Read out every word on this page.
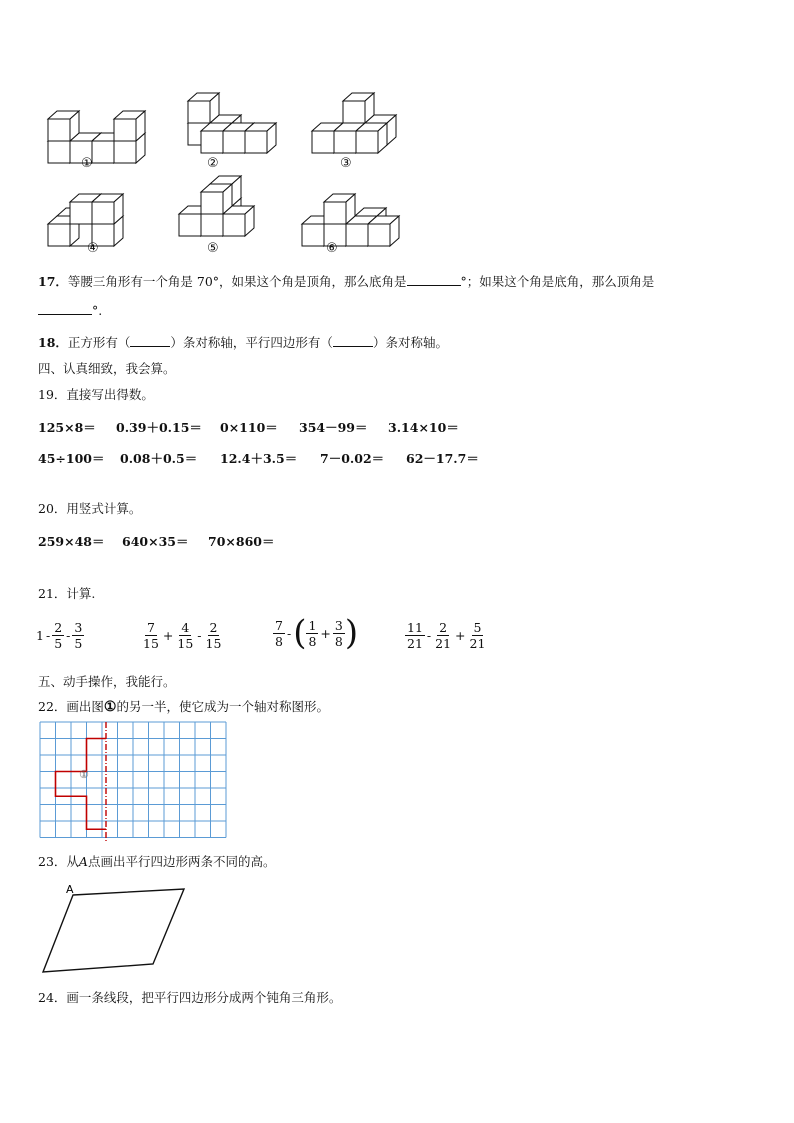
①	②	③
④	⑤	⑥
17．等腰三角形有一个角是 70°，如果这个角是顶角，那么底角是	°；如果这个角是底角，那么顶角是
°.
18．正方形有（	）条对称轴，平行四边形有（	）条对称轴。
四、认真细致，我会算。
19．直接写出得数。
125×8＝ 0.39＋0.15＝ 0×110＝ 354－99＝ 3.14×10＝
45÷100＝ 0.08＋0.5＝ 12.4＋3.5＝ 7－0.02＝ 62－17.7＝
20．用竖式计算。
259×48＝ 640×35＝ 70×860＝
21．计算.
$1 - \frac{2}{5} - \frac{3}{5}$	$\frac{7}{15} + \frac{4}{15} - \frac{2}{15}$	$\frac{7}{8}$ - ( $\frac{1}{8} + \frac{3}{8}$ )	$\frac{11}{21} - \frac{2}{21} + \frac{5}{21}$
五、动手操作，我能行。
22．画出图①的另一半，使它成为一个轴对称图形。
①
23．从A点画出平行四边形两条不同的高。
A
24．画一条线段，把平行四边形分成两个钝角三角形。
